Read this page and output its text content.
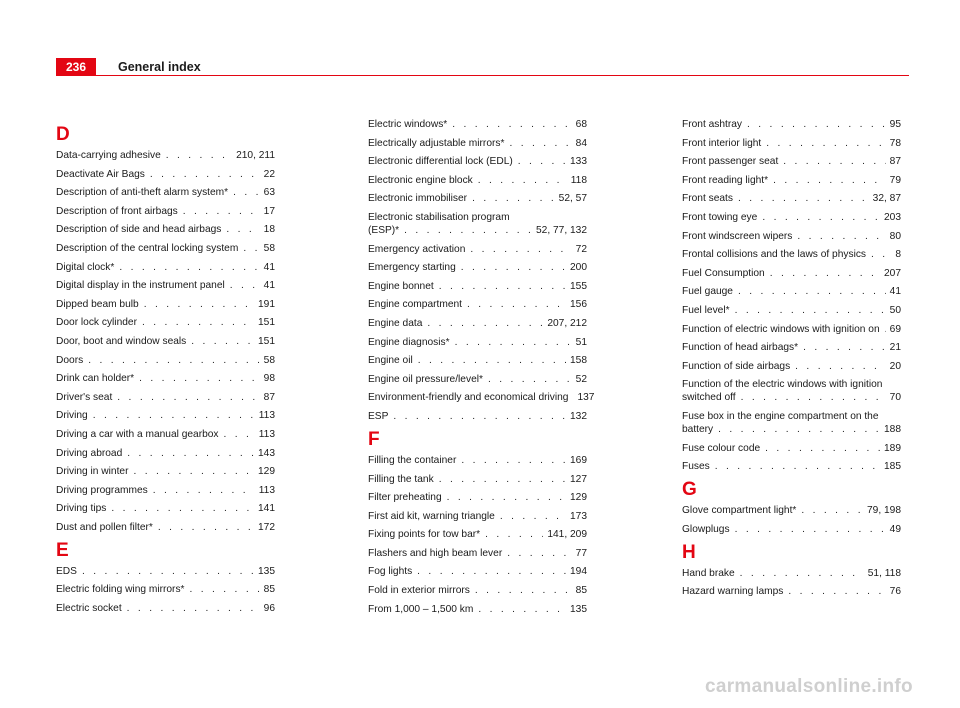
236	General index
D
Data-carrying adhesive . . .	210, 211
Deactivate Air Bags . . .	22
Description of anti-theft alarm system* . . .	63
Description of front airbags . . .	17
Description of side and head airbags . . .	18
Description of the central locking system . . . 58
Digital clock* . . .	41
Digital display in the instrument panel . . .	41
Dipped beam bulb . . .	191
Door lock cylinder . . .	151
Door, boot and window seals . . .	151
Doors . . .	58
Drink can holder* . . .	98
Driver's seat . . .	87
Driving . . .	113
Driving a car with a manual gearbox . . .	113
Driving abroad . . .	143
Driving in winter . . .	129
Driving programmes . . .	113
Driving tips . . .	141
Dust and pollen filter* . . .	172
E
EDS . . .	135
Electric folding wing mirrors* . . .	85
Electric socket . . .	96
Electric windows* . . .	68
Electrically adjustable mirrors* . . .	84
Electronic differential lock (EDL) . . .	133
Electronic engine block . . .	118
Electronic immobiliser . . .	52, 57
Electronic stabilisation program
(ESP)* . . .	52, 77, 132
Emergency activation . . .	72
Emergency starting . . .	200
Engine bonnet . . .	155
Engine compartment . . .	156
Engine data . . .	207, 212
Engine diagnosis* . . .	51
Engine oil . . .	158
Engine oil pressure/level* . . .	52
Environment-friendly and economical driving 137
ESP . . .	132
F
Filling the container . . .	169
Filling the tank . . .	127
Filter preheating . . .	129
First aid kit, warning triangle . . .	173
Fixing points for tow bar* . . .	141, 209
Flashers and high beam lever . . .	77
Fog lights . . .	194
Fold in exterior mirrors . . .	85
From 1,000 – 1,500 km . . .	135
Front ashtray . . .	95
Front interior light . . .	78
Front passenger seat . . .	87
Front reading light* . . .	79
Front seats . . .	32, 87
Front towing eye . . .	203
Front windscreen wipers . . .	80
Frontal collisions and the laws of physics . . .	8
Fuel Consumption . . .	207
Fuel gauge . . .	41
Fuel level* . . .	50
Function of electric windows with ignition on . . . 69
Function of head airbags* . . .	21
Function of side airbags . . .	20
Function of the electric windows with ignition
switched off . . .	70
Fuse box in the engine compartment on the
battery . . .	188
Fuse colour code . . .	189
Fuses . . .	185
G
Glove compartment light* . . .	79, 198
Glowplugs . . .	49
H
Hand brake . . .	51, 118
Hazard warning lamps . . .	76
carmanualsonline.info
